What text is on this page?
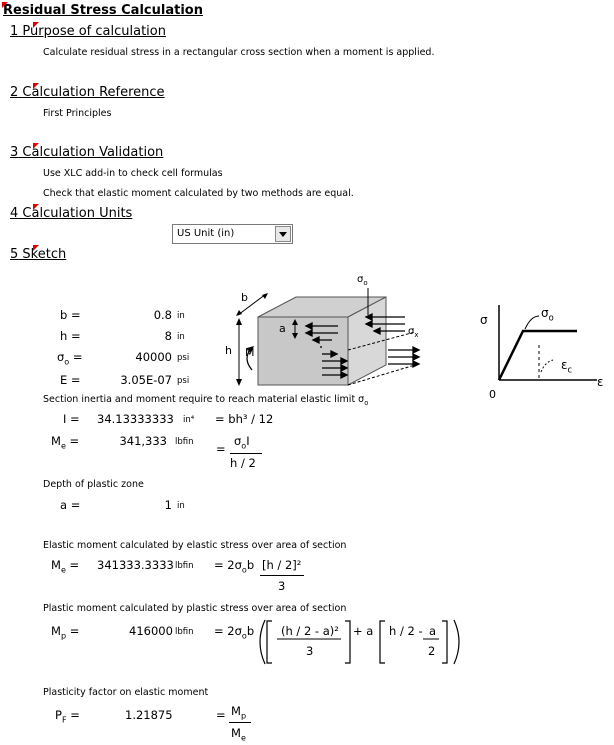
Residual Stress Calculation
1 Purpose of calculation
Calculate residual stress in a rectangular cross section when a moment is applied.
2 Calculation Reference
First Principles
3 Calculation Validation
Use XLC add-in to check cell formulas
Check that elastic moment calculated by two methods are equal.
4 Calculation Units
US Unit (in)
5 Sketch
b =	0.8 in
h =	8 in
$\sigma_o$ =	40000 psi
E =	3.05E-07 psi
Section inertia and moment require to reach material elastic limit $\sigma_o$
I = 34.13333333 in⁴ = bh³ / 12
$M_e$ =	341,333 lbfin =
$\sigma_oI$
h / 2
Depth of plastic zone
a =	1 in
Elastic moment calculated by elastic stress over area of section
$M_e = 341333.3333$ lbfin = $2\sigma_ob$ [h / 2]²
3
Plastic moment calculated by plastic stress over area of section
$M_p$ =	416000 lbfin = $2\sigma_ob$ (h / 2 - a)²
3
+ a h / 2 - a
2
Plasticity factor on elastic moment
$P_F$ =	1.21875	= $M_p$
$M_e$
b
a
h M
$\sigma_o$
$\sigma_x$
σ	$\sigma_o$
$\varepsilon_c$
ε
0
